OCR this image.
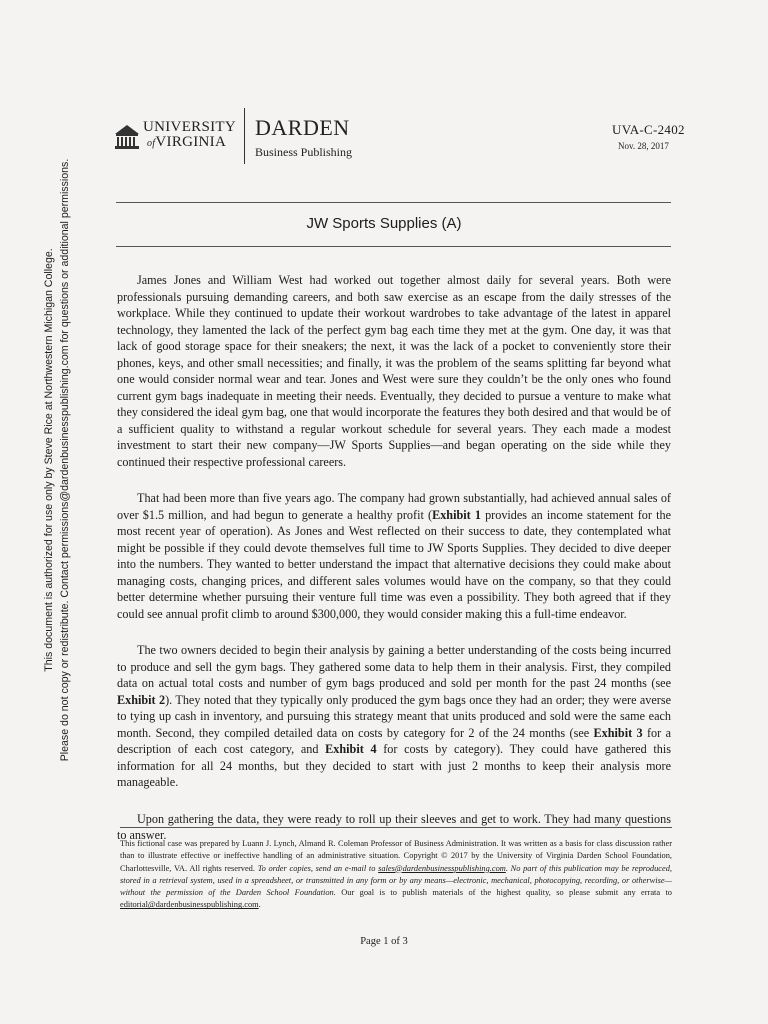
UNIVERSITY
ofVIRGINIA
DARDEN
Business Publishing
UVA-C-2402
Nov. 28, 2017
JW Sports Supplies (A)

James Jones and William West had worked out together almost daily for several years. Both were professionals pursuing demanding careers, and both saw exercise as an escape from the daily stresses of the workplace. While they continued to update their workout wardrobes to take advantage of the latest in apparel technology, they lamented the lack of the perfect gym bag each time they met at the gym. One day, it was that lack of good storage space for their sneakers; the next, it was the lack of a pocket to conveniently store their phones, keys, and other small necessities; and finally, it was the problem of the seams splitting far beyond what one would consider normal wear and tear. Jones and West were sure they couldn’t be the only ones who found current gym bags inadequate in meeting their needs. Eventually, they decided to pursue a venture to make what they considered the ideal gym bag, one that would incorporate the features they both desired and that would be of a sufficient quality to withstand a regular workout schedule for several years. They each made a modest investment to start their new company—JW Sports Supplies—and began operating on the side while they continued their respective professional careers.

That had been more than five years ago. The company had grown substantially, had achieved annual sales of over $1.5 million, and had begun to generate a healthy profit (Exhibit 1 provides an income statement for the most recent year of operation). As Jones and West reflected on their success to date, they contemplated what might be possible if they could devote themselves full time to JW Sports Supplies. They decided to dive deeper into the numbers. They wanted to better understand the impact that alternative decisions they could make about managing costs, changing prices, and different sales volumes would have on the company, so that they could better determine whether pursuing their venture full time was even a possibility. They both agreed that if they could see annual profit climb to around $300,000, they would consider making this a full-time endeavor.

The two owners decided to begin their analysis by gaining a better understanding of the costs being incurred to produce and sell the gym bags. They gathered some data to help them in their analysis. First, they compiled data on actual total costs and number of gym bags produced and sold per month for the past 24 months (see Exhibit 2). They noted that they typically only produced the gym bags once they had an order; they were averse to tying up cash in inventory, and pursuing this strategy meant that units produced and sold were the same each month. Second, they compiled detailed data on costs by category for 2 of the 24 months (see Exhibit 3 for a description of each cost category, and Exhibit 4 for costs by category). They could have gathered this information for all 24 months, but they decided to start with just 2 months to keep their analysis more manageable.

Upon gathering the data, they were ready to roll up their sleeves and get to work. They had many questions to answer.

This fictional case was prepared by Luann J. Lynch, Almand R. Coleman Professor of Business Administration. It was written as a basis for class discussion rather than to illustrate effective or ineffective handling of an administrative situation. Copyright © 2017 by the University of Virginia Darden School Foundation, Charlottesville, VA. All rights reserved. To order copies, send an e-mail to sales@dardenbusinesspublishing.com. No part of this publication may be reproduced, stored in a retrieval system, used in a spreadsheet, or transmitted in any form or by any means—electronic, mechanical, photocopying, recording, or otherwise—without the permission of the Darden School Foundation. Our goal is to publish materials of the highest quality, so please submit any errata to editorial@dardenbusinesspublishing.com.
Page 1 of 3
This document is authorized for use only by Steve Rice at Northwestern Michigan College. Please do not copy or redistribute. Contact permissions@dardenbusinesspublishing.com for questions or additional permissions.
